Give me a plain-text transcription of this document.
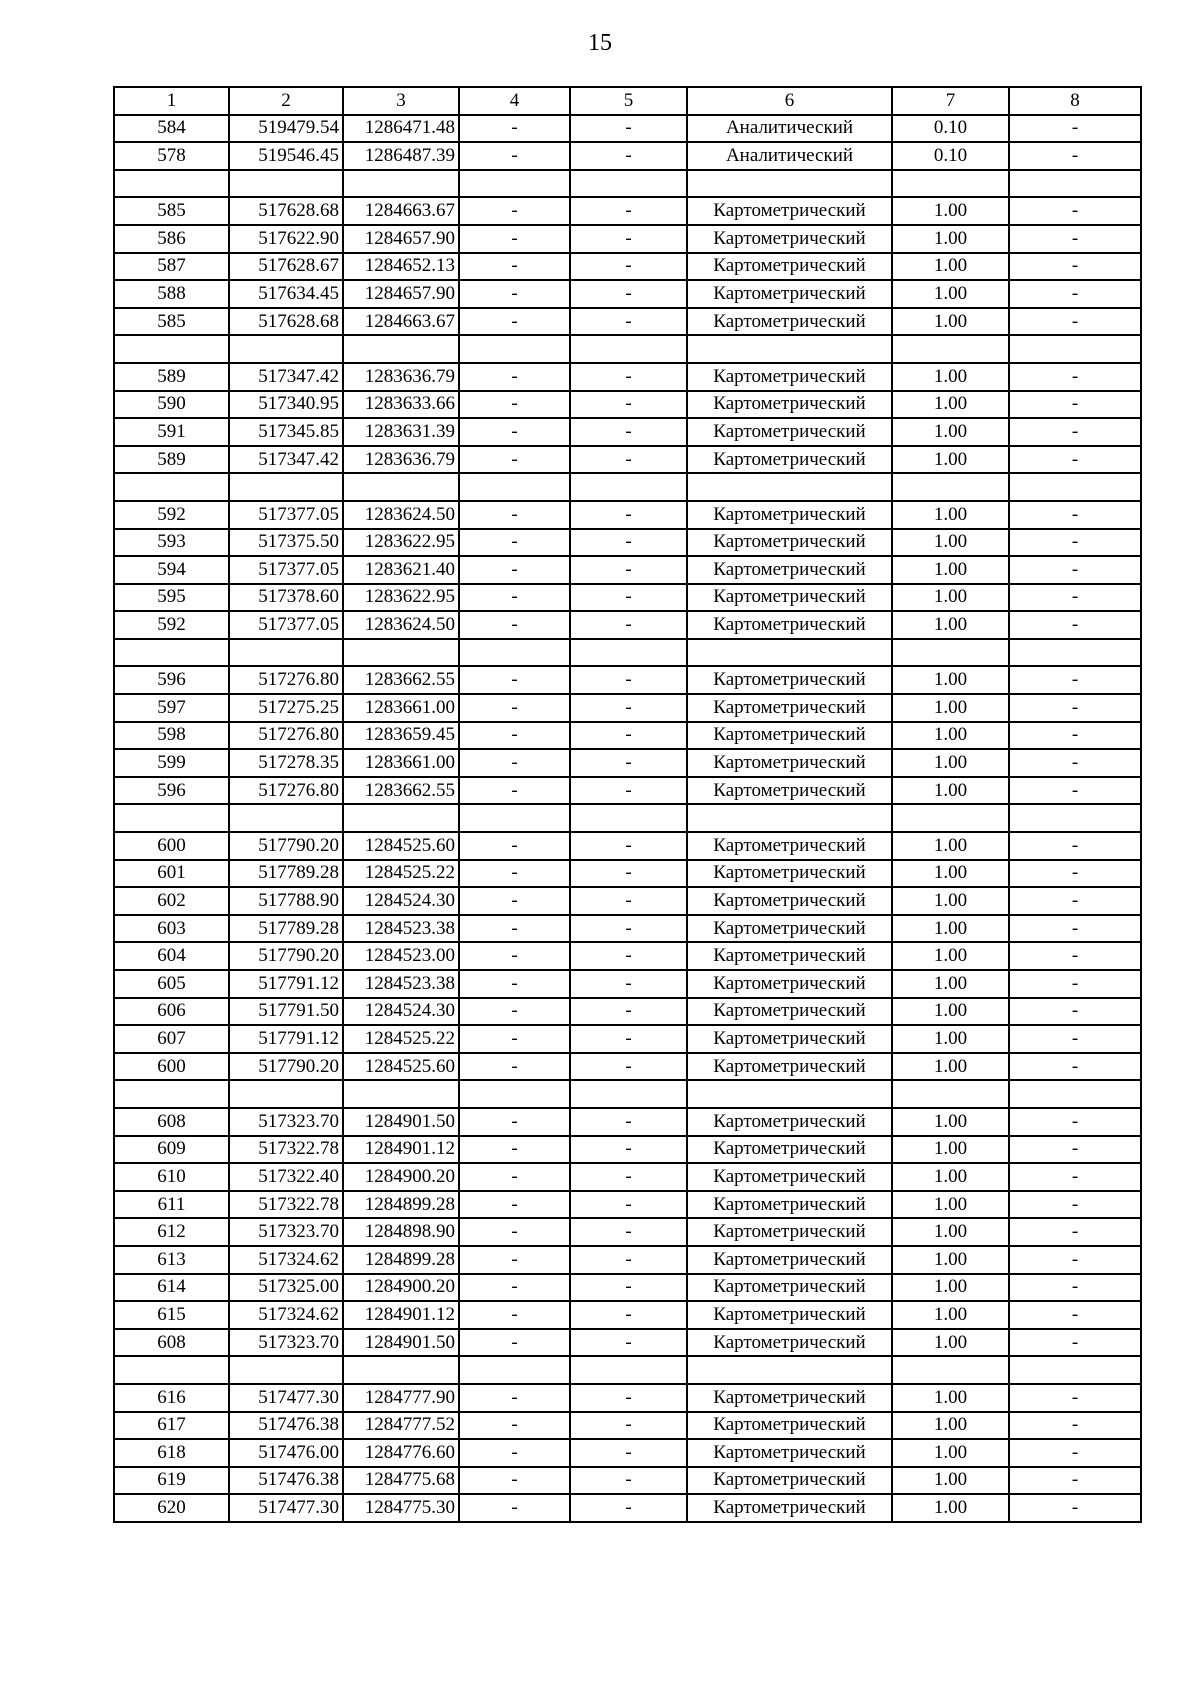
15
1	2	3	4	5	6	7	8
584	519479.54	1286471.48	-	-	Аналитический	0.10	-
578	519546.45	1286487.39	-	-	Аналитический	0.10	-

585	517628.68	1284663.67	-	-	Картометрический	1.00	-
586	517622.90	1284657.90	-	-	Картометрический	1.00	-
587	517628.67	1284652.13	-	-	Картометрический	1.00	-
588	517634.45	1284657.90	-	-	Картометрический	1.00	-
585	517628.68	1284663.67	-	-	Картометрический	1.00	-

589	517347.42	1283636.79	-	-	Картометрический	1.00	-
590	517340.95	1283633.66	-	-	Картометрический	1.00	-
591	517345.85	1283631.39	-	-	Картометрический	1.00	-
589	517347.42	1283636.79	-	-	Картометрический	1.00	-

592	517377.05	1283624.50	-	-	Картометрический	1.00	-
593	517375.50	1283622.95	-	-	Картометрический	1.00	-
594	517377.05	1283621.40	-	-	Картометрический	1.00	-
595	517378.60	1283622.95	-	-	Картометрический	1.00	-
592	517377.05	1283624.50	-	-	Картометрический	1.00	-

596	517276.80	1283662.55	-	-	Картометрический	1.00	-
597	517275.25	1283661.00	-	-	Картометрический	1.00	-
598	517276.80	1283659.45	-	-	Картометрический	1.00	-
599	517278.35	1283661.00	-	-	Картометрический	1.00	-
596	517276.80	1283662.55	-	-	Картометрический	1.00	-

600	517790.20	1284525.60	-	-	Картометрический	1.00	-
601	517789.28	1284525.22	-	-	Картометрический	1.00	-
602	517788.90	1284524.30	-	-	Картометрический	1.00	-
603	517789.28	1284523.38	-	-	Картометрический	1.00	-
604	517790.20	1284523.00	-	-	Картометрический	1.00	-
605	517791.12	1284523.38	-	-	Картометрический	1.00	-
606	517791.50	1284524.30	-	-	Картометрический	1.00	-
607	517791.12	1284525.22	-	-	Картометрический	1.00	-
600	517790.20	1284525.60	-	-	Картометрический	1.00	-

608	517323.70	1284901.50	-	-	Картометрический	1.00	-
609	517322.78	1284901.12	-	-	Картометрический	1.00	-
610	517322.40	1284900.20	-	-	Картометрический	1.00	-
611	517322.78	1284899.28	-	-	Картометрический	1.00	-
612	517323.70	1284898.90	-	-	Картометрический	1.00	-
613	517324.62	1284899.28	-	-	Картометрический	1.00	-
614	517325.00	1284900.20	-	-	Картометрический	1.00	-
615	517324.62	1284901.12	-	-	Картометрический	1.00	-
608	517323.70	1284901.50	-	-	Картометрический	1.00	-

616	517477.30	1284777.90	-	-	Картометрический	1.00	-
617	517476.38	1284777.52	-	-	Картометрический	1.00	-
618	517476.00	1284776.60	-	-	Картометрический	1.00	-
619	517476.38	1284775.68	-	-	Картометрический	1.00	-
620	517477.30	1284775.30	-	-	Картометрический	1.00	-
